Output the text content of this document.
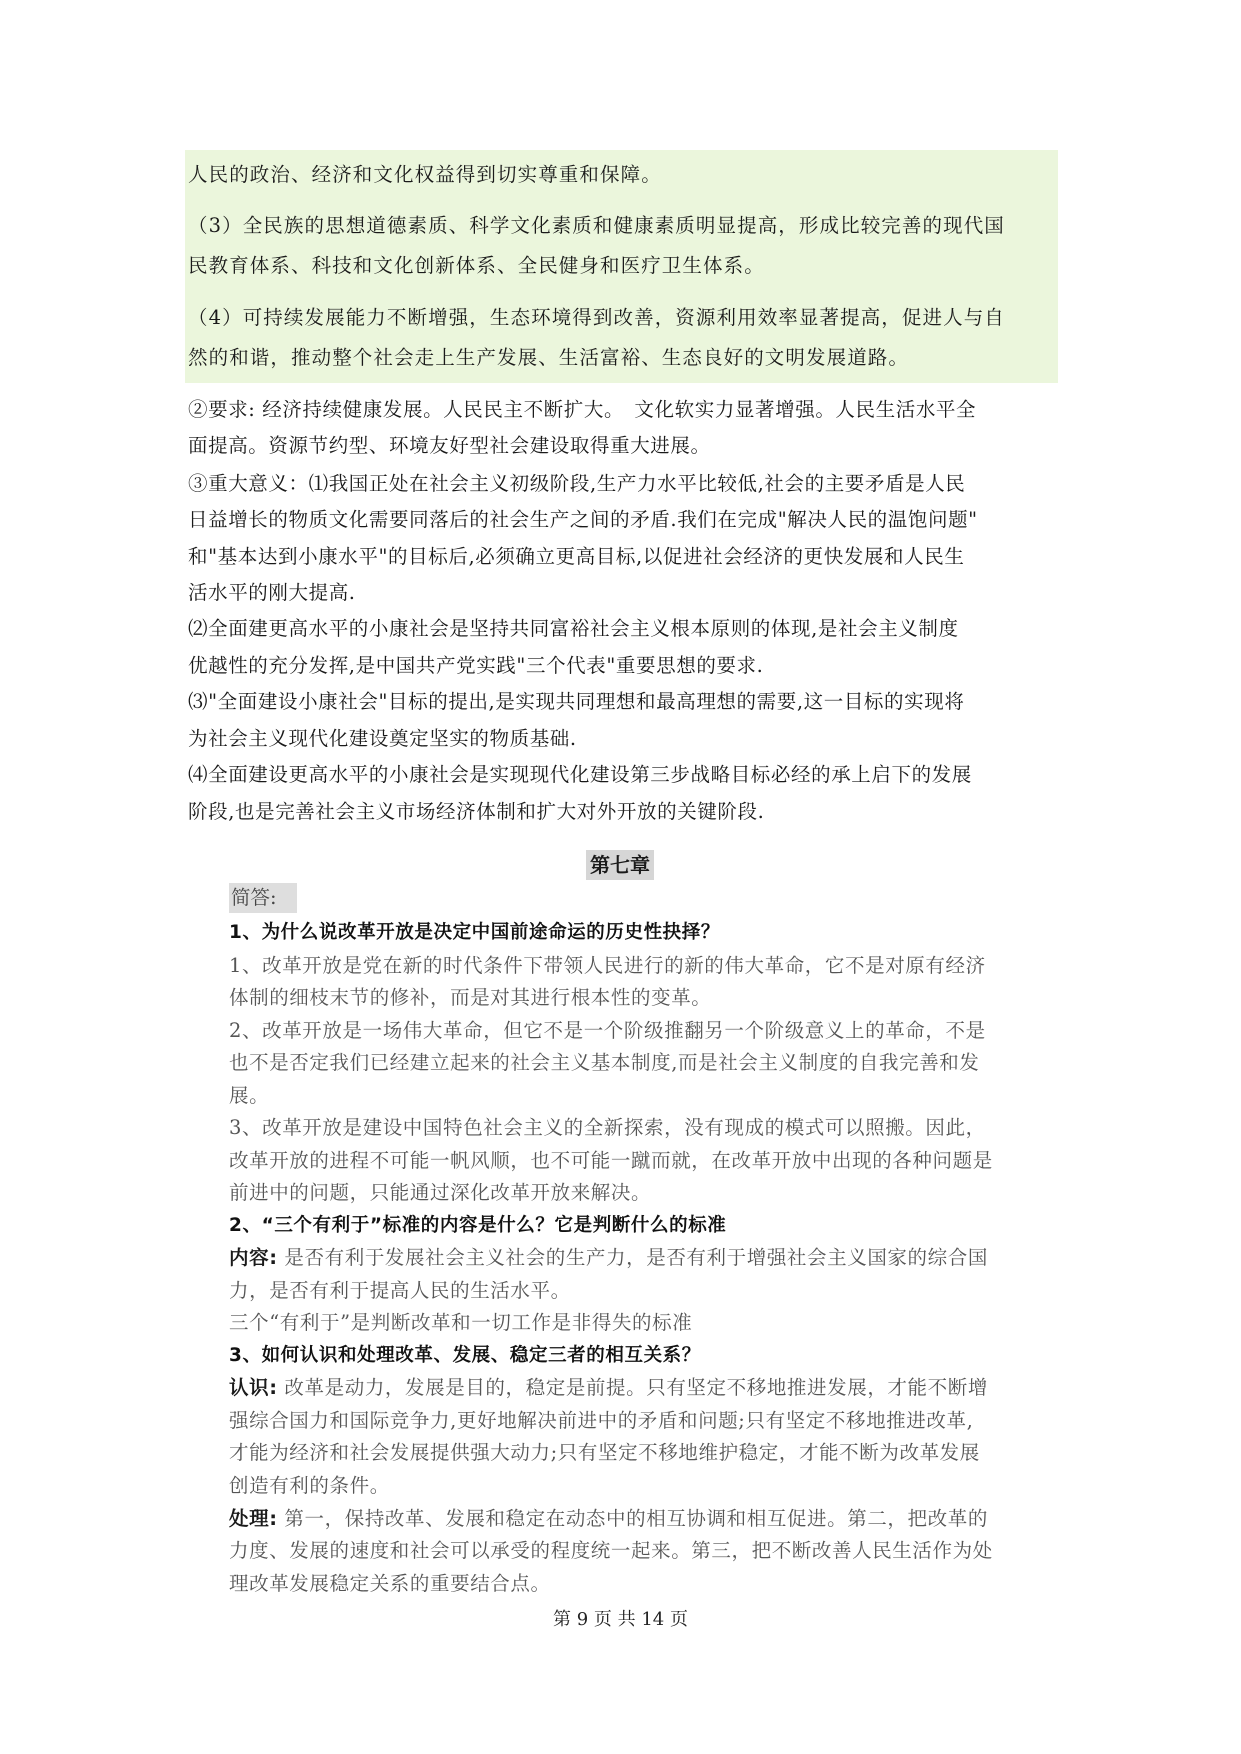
人民的政治、经济和文化权益得到切实尊重和保障。

（3）全民族的思想道德素质、科学文化素质和健康素质明显提高，形成比较完善的现代国

民教育体系、科技和文化创新体系、全民健身和医疗卫生体系。

（4）可持续发展能力不断增强，生态环境得到改善，资源利用效率显著提高，促进人与自

然的和谐，推动整个社会走上生产发展、生活富裕、生态良好的文明发展道路。

②要求: 经济持续健康发展。人民民主不断扩大。　文化软实力显著增强。人民生活水平全

面提高。资源节约型、环境友好型社会建设取得重大进展。

③重大意义：⑴我国正处在社会主义初级阶段,生产力水平比较低,社会的主要矛盾是人民

日益增长的物质文化需要同落后的社会生产之间的矛盾.我们在完成"解决人民的温饱问题"

和"基本达到小康水平"的目标后,必须确立更高目标,以促进社会经济的更快发展和人民生

活水平的刚大提高.

⑵全面建更高水平的小康社会是坚持共同富裕社会主义根本原则的体现,是社会主义制度

优越性的充分发挥,是中国共产党实践"三个代表"重要思想的要求.

⑶"全面建设小康社会"目标的提出,是实现共同理想和最高理想的需要,这一目标的实现将

为社会主义现代化建设奠定坚实的物质基础.

⑷全面建设更高水平的小康社会是实现现代化建设第三步战略目标必经的承上启下的发展

阶段,也是完善社会主义市场经济体制和扩大对外开放的关键阶段.

第七章
简答:

1、为什么说改革开放是决定中国前途命运的历史性抉择？

1、改革开放是党在新的时代条件下带领人民进行的新的伟大革命，它不是对原有经济

体制的细枝末节的修补，而是对其进行根本性的变革。

2、改革开放是一场伟大革命，但它不是一个阶级推翻另一个阶级意义上的革命，不是

也不是否定我们已经建立起来的社会主义基本制度,而是社会主义制度的自我完善和发

展。

3、改革开放是建设中国特色社会主义的全新探索，没有现成的模式可以照搬。因此，

改革开放的进程不可能一帆风顺，也不可能一蹴而就，在改革开放中出现的各种问题是

前进中的问题，只能通过深化改革开放来解决。

2、“三个有利于”标准的内容是什么？它是判断什么的标准

内容: 是否有利于发展社会主义社会的生产力，是否有利于增强社会主义国家的综合国

力，是否有利于提高人民的生活水平。

三个“有利于”是判断改革和一切工作是非得失的标准

3、如何认识和处理改革、发展、稳定三者的相互关系？

认识: 改革是动力，发展是目的，稳定是前提。只有坚定不移地推进发展，才能不断增

强综合国力和国际竞争力,更好地解决前进中的矛盾和问题;只有坚定不移地推进改革,

才能为经济和社会发展提供强大动力;只有坚定不移地维护稳定，才能不断为改革发展

创造有利的条件。

处理: 第一，保持改革、发展和稳定在动态中的相互协调和相互促进。第二，把改革的

力度、发展的速度和社会可以承受的程度统一起来。第三，把不断改善人民生活作为处

理改革发展稳定关系的重要结合点。

第 9 页 共 14 页
